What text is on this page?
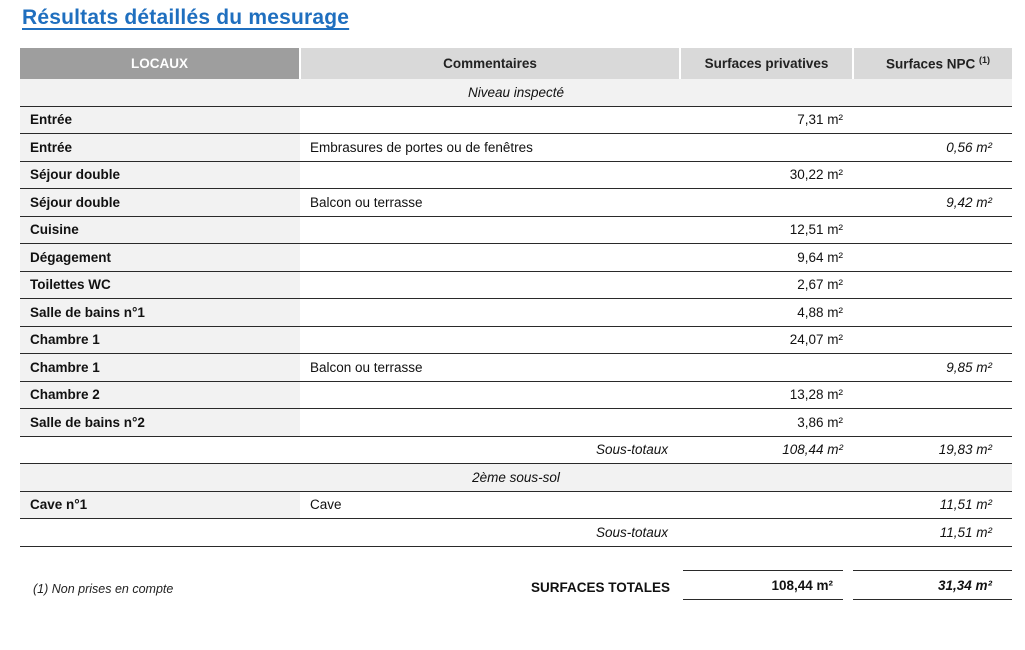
Résultats détaillés du mesurage
LOCAUX	Commentaires	Surfaces privatives	Surfaces NPC $^{(1)}$
Niveau inspecté			
Entrée		7,31 m²	
Entrée	Embrasures de portes ou de fenêtres		0,56 m²
Séjour double		30,22 m²	
Séjour double	Balcon ou terrasse		9,42 m²
Cuisine		12,51 m²	
Dégagement		9,64 m²	
Toilettes WC		2,67 m²	
Salle de bains n°1		4,88 m²	
Chambre 1		24,07 m²	
Chambre 1	Balcon ou terrasse		9,85 m²
Chambre 2		13,28 m²	
Salle de bains n°2		3,86 m²	
Sous-totaux		108,44 m²	19,83 m²
2ème sous-sol			
Cave n°1	Cave		11,51 m²
Sous-totaux			11,51 m²
(1) Non prises en compte	SURFACES TOTALES	108,44 m²	31,34 m²
